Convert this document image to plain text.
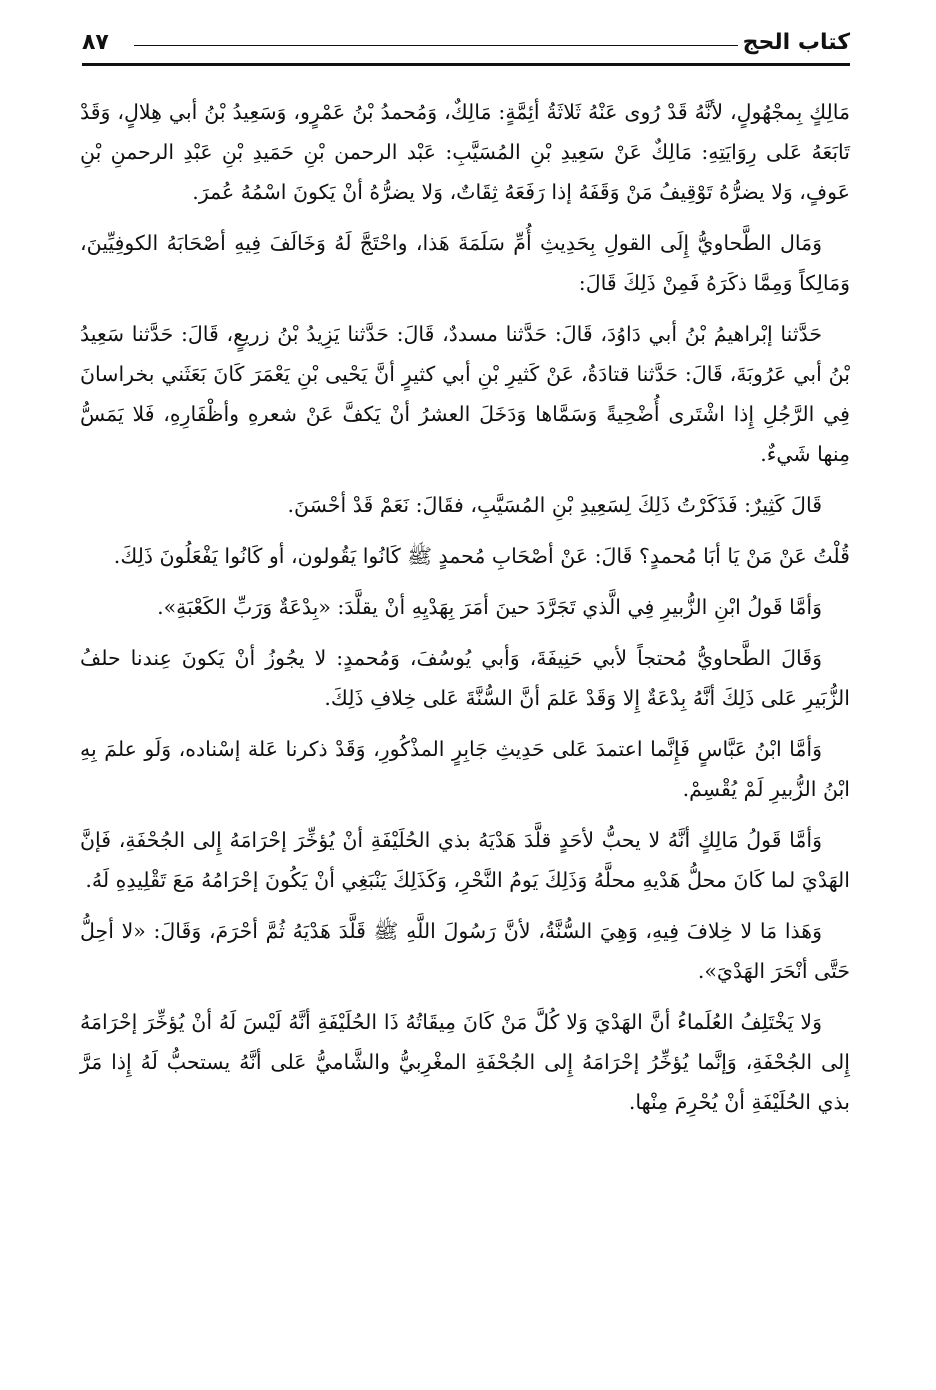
كتاب الحج
٨٧

مَالِكٍ بِمجْهُولٍ، لأنَّهُ قَدْ رُوى عَنْهُ ثَلاثَةُ أئِمَّةٍ: مَالِكٌ، وَمُحمدُ بْنُ عَمْرٍو، وَسَعِيدُ بْنُ أبي هِلالٍ، وَقَدْ تَابَعَهُ عَلى رِوَايَتِهِ: مَالِكٌ عَنْ سَعِيدِ بْنِ المُسَيَّبِ: عَبْد الرحمن بْنِ حَمَيدِ بْنِ عَبْدِ الرحمنِ بْنِ عَوفٍ، وَلا يضرُّهُ تَوْقِيفُ مَنْ وَقَفَهُ إذا رَفَعَهُ ثِقَاتٌ، وَلا يضرُّهُ أنْ يَكونَ اسْمُهُ عُمرَ.

وَمَال الطَّحاويُّ إِلَى القولِ بِحَدِيثِ أُمِّ سَلَمَةَ هَذا، واحْتَجَّ لَهُ وَخَالَفَ فِيهِ أصْحَابَهُ الكوفِيِّينَ، وَمَالِكاً وَمِمَّا ذكَرَهُ فَمِنْ ذَلِكَ قَالَ:

حَدَّثنا إبْراهيمُ بْنُ أبي دَاوُدَ، قَالَ: حَدَّثنا مسددٌ، قَالَ: حَدَّثنا يَزِيدُ بْنُ زريعٍ، قَالَ: حَدَّثنا سَعِيدُ بْنُ أبي عَرُوبَةَ، قَالَ: حَدَّثنا قتادَةُ، عَنْ كَثيرِ بْنِ أبي كثيرٍ أنَّ يَحْيى بْنِ يَعْمَرَ كَانَ بَعَثَني بخراسانَ فِي الرَّجُلِ إِذا اشْتَرى أُضْحِيةً وَسَمَّاها وَدَخَلَ العشرُ أنْ يَكفَّ عَنْ شعرهِ وأظْفَارِهِ، فَلا يَمَسُّ مِنها شَيءٌ.

قَالَ كَثِيرٌ: فَذَكَرْتُ ذَلِكَ لِسَعِيدِ بْنِ المُسَيَّبِ، فقَالَ: نَعَمْ قَدْ أحْسَنَ.

قُلْتُ عَنْ مَنْ يَا أبَا مُحمدٍ؟ قَالَ: عَنْ أصْحَابِ مُحمدٍ ﷺ كَانُوا يَقُولون، أو كَانُوا يَفْعَلُونَ ذَلِكَ.

وَأمَّا قَولُ ابْنِ الزُّبيرِ فِي الَّذي تَجَرَّدَ حينَ أمَرَ بِهَدْيِهِ أنْ يقلَّدَ: «بِدْعَةٌ وَرَبِّ الكَعْبَةِ».

وَقَالَ الطَّحاويُّ مُحتجاً لأبي حَنِيفَةَ، وَأبي يُوسُفَ، وَمُحمدٍ: لا يجُوزُ أنْ يَكونَ عِندنا حلفُ الزُّبَيرِ عَلى ذَلِكَ أنَّهُ بِدْعَةٌ إِلا وَقَدْ عَلمَ أنَّ السُّنَّةَ عَلى خِلافِ ذَلِكَ.

وَأمَّا ابْنُ عَبَّاسٍ فَإِنَّما اعتمدَ عَلى حَدِيثِ جَابِرٍ المذْكُورِ، وَقَدْ ذكرنا عَلة إسْناده، وَلَو علمَ بِهِ ابْنُ الزُّبيرِ لَمْ يُقْسِمْ.

وَأمَّا قَولُ مَالِكٍ أنَّهُ لا يحبُّ لأحَدٍ قلَّدَ هَدْيَهُ بذي الحُلَيْفَةِ أنْ يُؤخِّرَ إحْرَامَهُ إِلى الجُحْفَةِ، فَإنَّ الهَدْيَ لما كَانَ محلُّ هَدْيهِ محلَّهُ وَذَلِكَ يَومُ النَّحْرِ، وَكَذَلِكَ يَنْبَغِي أنْ يَكُونَ إحْرَامُهُ مَعَ تَقْلِيدِهِ لَهُ.

وَهَذا مَا لا خِلافَ فِيهِ، وَهِيَ السُّنَّةُ، لأنَّ رَسُولَ اللَّهِ ﷺ قَلَّدَ هَدْيَهُ ثُمَّ أحْرَمَ، وَقَالَ: «لا أحِلُّ حَتَّى أنْحَرَ الهَدْيَ».

وَلا يَخْتَلِفُ العُلَماءُ أنَّ الهَدْيَ وَلا كُلَّ مَنْ كَانَ مِيقَاتُهُ ذَا الحُلَيْفَةِ أنَّهُ لَيْسَ لَهُ أنْ يُؤخِّرَ إحْرَامَهُ إِلى الجُحْفَةِ، وَإنَّما يُؤخِّرُ إحْرَامَهُ إِلى الجُحْفَةِ المغْرِبيُّ والشَّاميُّ عَلى أنَّهُ يستحبُّ لَهُ إِذا مَرَّ بذي الحُلَيْفَةِ أنْ يُحْرِمَ مِنْها.
